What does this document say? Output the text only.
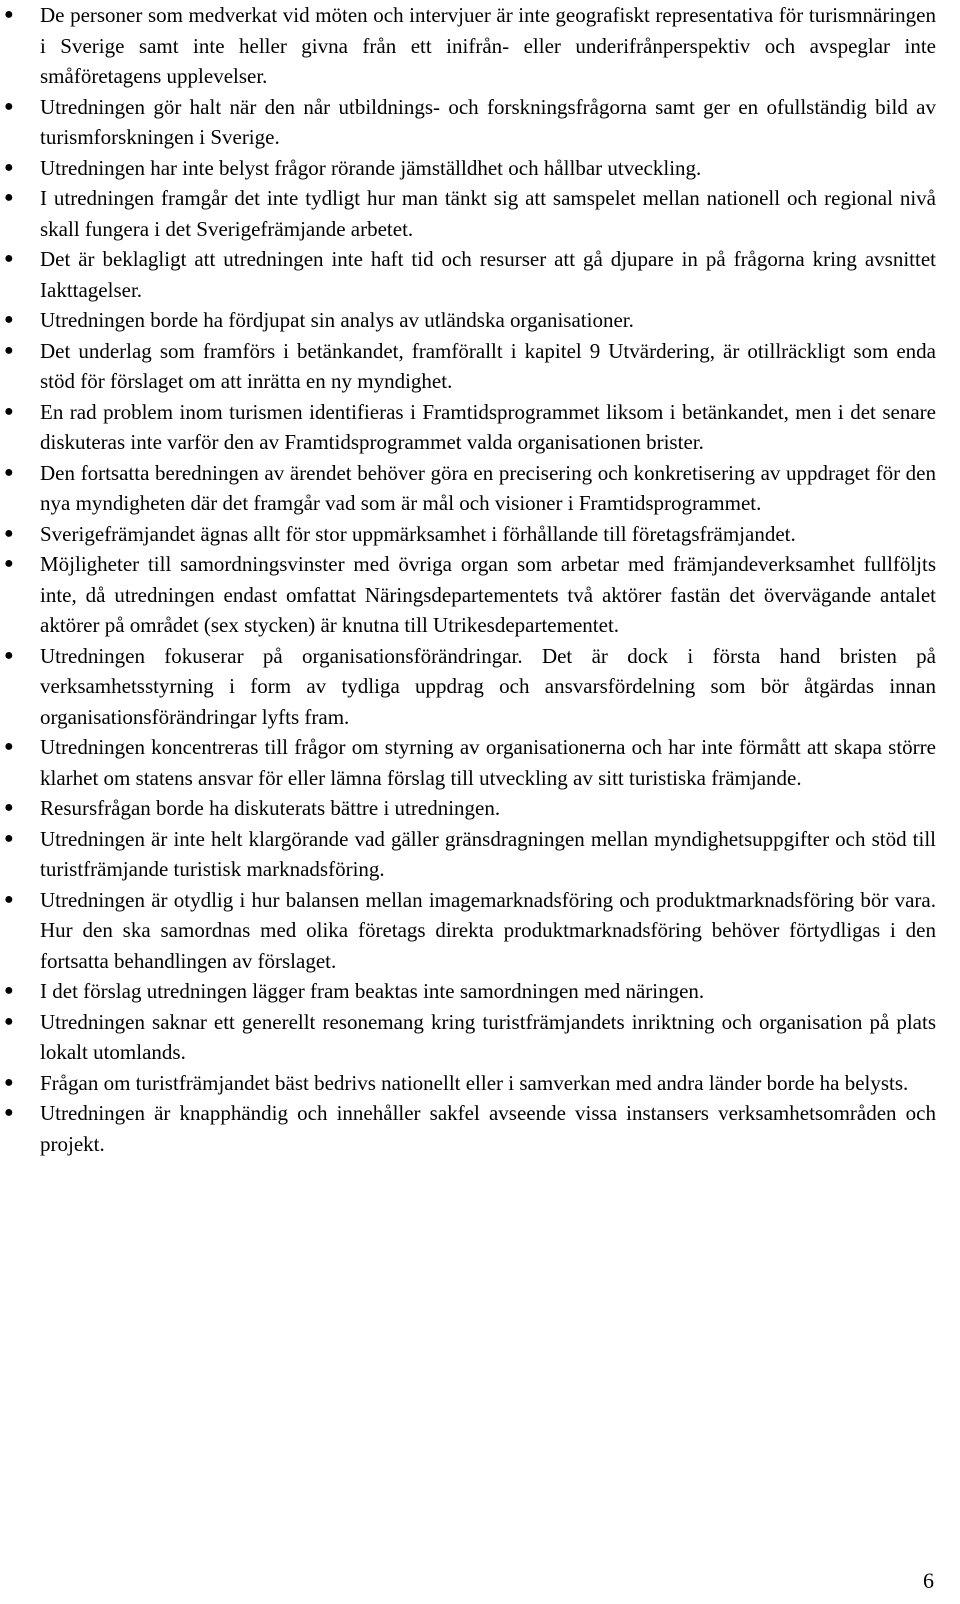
●	De personer som medverkat vid möten och intervjuer är inte geografiskt representativa för turismnäringen i Sverige samt inte heller givna från ett inifrån- eller underifrånperspektiv och avspeglar inte småföretagens upplevelser.
●	Utredningen gör halt när den når utbildnings- och forskningsfrågorna samt ger en ofullständig bild av turismforskningen i Sverige.
●	Utredningen har inte belyst frågor rörande jämställdhet och hållbar utveckling.
●	I utredningen framgår det inte tydligt hur man tänkt sig att samspelet mellan nationell och regional nivå skall fungera i det Sverigefrämjande arbetet.
●	Det är beklagligt att utredningen inte haft tid och resurser att gå djupare in på frågorna kring avsnittet Iakttagelser.
●	Utredningen borde ha fördjupat sin analys av utländska organisationer.
●	Det underlag som framförs i betänkandet, framförallt i kapitel 9 Utvärdering, är otillräckligt som enda stöd för förslaget om att inrätta en ny myndighet.
●	En rad problem inom turismen identifieras i Framtidsprogrammet liksom i betänkandet, men i det senare diskuteras inte varför den av Framtidsprogrammet valda organisationen brister.
●	Den fortsatta beredningen av ärendet behöver göra en precisering och konkretisering av uppdraget för den nya myndigheten där det framgår vad som är mål och visioner i Framtidsprogrammet.
●	Sverigefrämjandet ägnas allt för stor uppmärksamhet i förhållande till företagsfrämjandet.
●	Möjligheter till samordningsvinster med övriga organ som arbetar med främjandeverksamhet fullföljts inte, då utredningen endast omfattat Näringsdepartementets två aktörer fastän det övervägande antalet aktörer på området (sex stycken) är knutna till Utrikesdepartementet.
●	Utredningen fokuserar på organisationsförändringar. Det är dock i första hand bristen på verksamhetsstyrning i form av tydliga uppdrag och ansvarsfördelning som bör åtgärdas innan organisationsförändringar lyfts fram.
●	Utredningen koncentreras till frågor om styrning av organisationerna och har inte förmått att skapa större klarhet om statens ansvar för eller lämna förslag till utveckling av sitt turistiska främjande.
●	Resursfrågan borde ha diskuterats bättre i utredningen.
●	Utredningen är inte helt klargörande vad gäller gränsdragningen mellan myndighetsuppgifter och stöd till turistfrämjande turistisk marknadsföring.
●	Utredningen är otydlig i hur balansen mellan imagemarknadsföring och produktmarknadsföring bör vara. Hur den ska samordnas med olika företags direkta produktmarknadsföring behöver förtydligas i den fortsatta behandlingen av förslaget.
●	I det förslag utredningen lägger fram beaktas inte samordningen med näringen.
●	Utredningen saknar ett generellt resonemang kring turistfrämjandets inriktning och organisation på plats lokalt utomlands.
●	Frågan om turistfrämjandet bäst bedrivs nationellt eller i samverkan med andra länder borde ha belysts.
●	Utredningen är knapphändig och innehåller sakfel avseende vissa instansers verksamhetsområden och projekt.
6
